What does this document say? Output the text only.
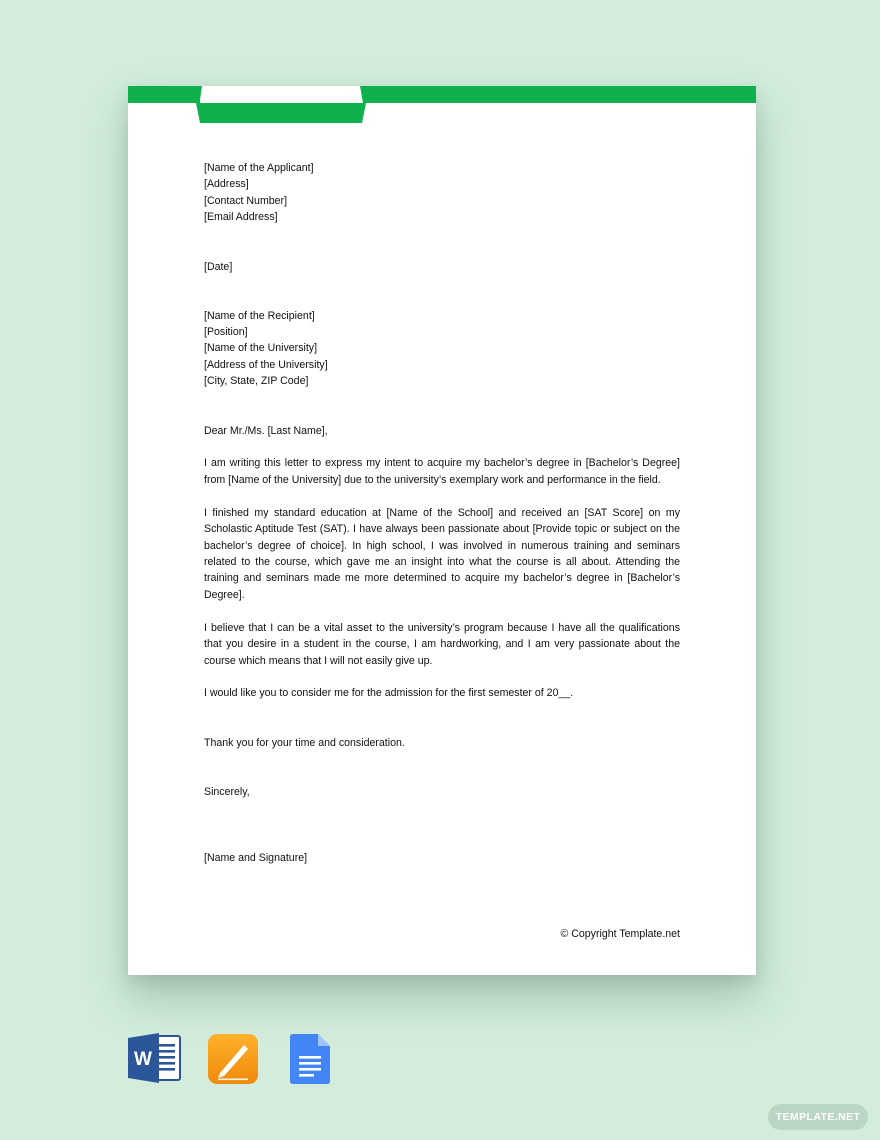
[Name of the Applicant]
[Address]
[Contact Number]
[Email Address]

[Date]

[Name of the Recipient]
[Position]
[Name of the University]
[Address of the University]
[City, State, ZIP Code]

Dear Mr./Ms. [Last Name],

I am writing this letter to express my intent to acquire my bachelor’s degree in [Bachelor’s Degree] from [Name of the University] due to the university’s exemplary work and performance in the field.

I finished my standard education at [Name of the School] and received an [SAT Score] on my Scholastic Aptitude Test (SAT). I have always been passionate about [Provide topic or subject on the bachelor’s degree of choice]. In high school, I was involved in numerous training and seminars related to the course, which gave me an insight into what the course is all about. Attending the training and seminars made me more determined to acquire my bachelor’s degree in [Bachelor’s Degree].

I believe that I can be a vital asset to the university’s program because I have all the qualifications that you desire in a student in the course, I am hardworking, and I am very passionate about the course which means that I will not easily give up.

I would like you to consider me for the admission for the first semester of 20__.

Thank you for your time and consideration.

Sincerely,

[Name and Signature]

© Copyright Template.net
W
TEMPLATE.NET
